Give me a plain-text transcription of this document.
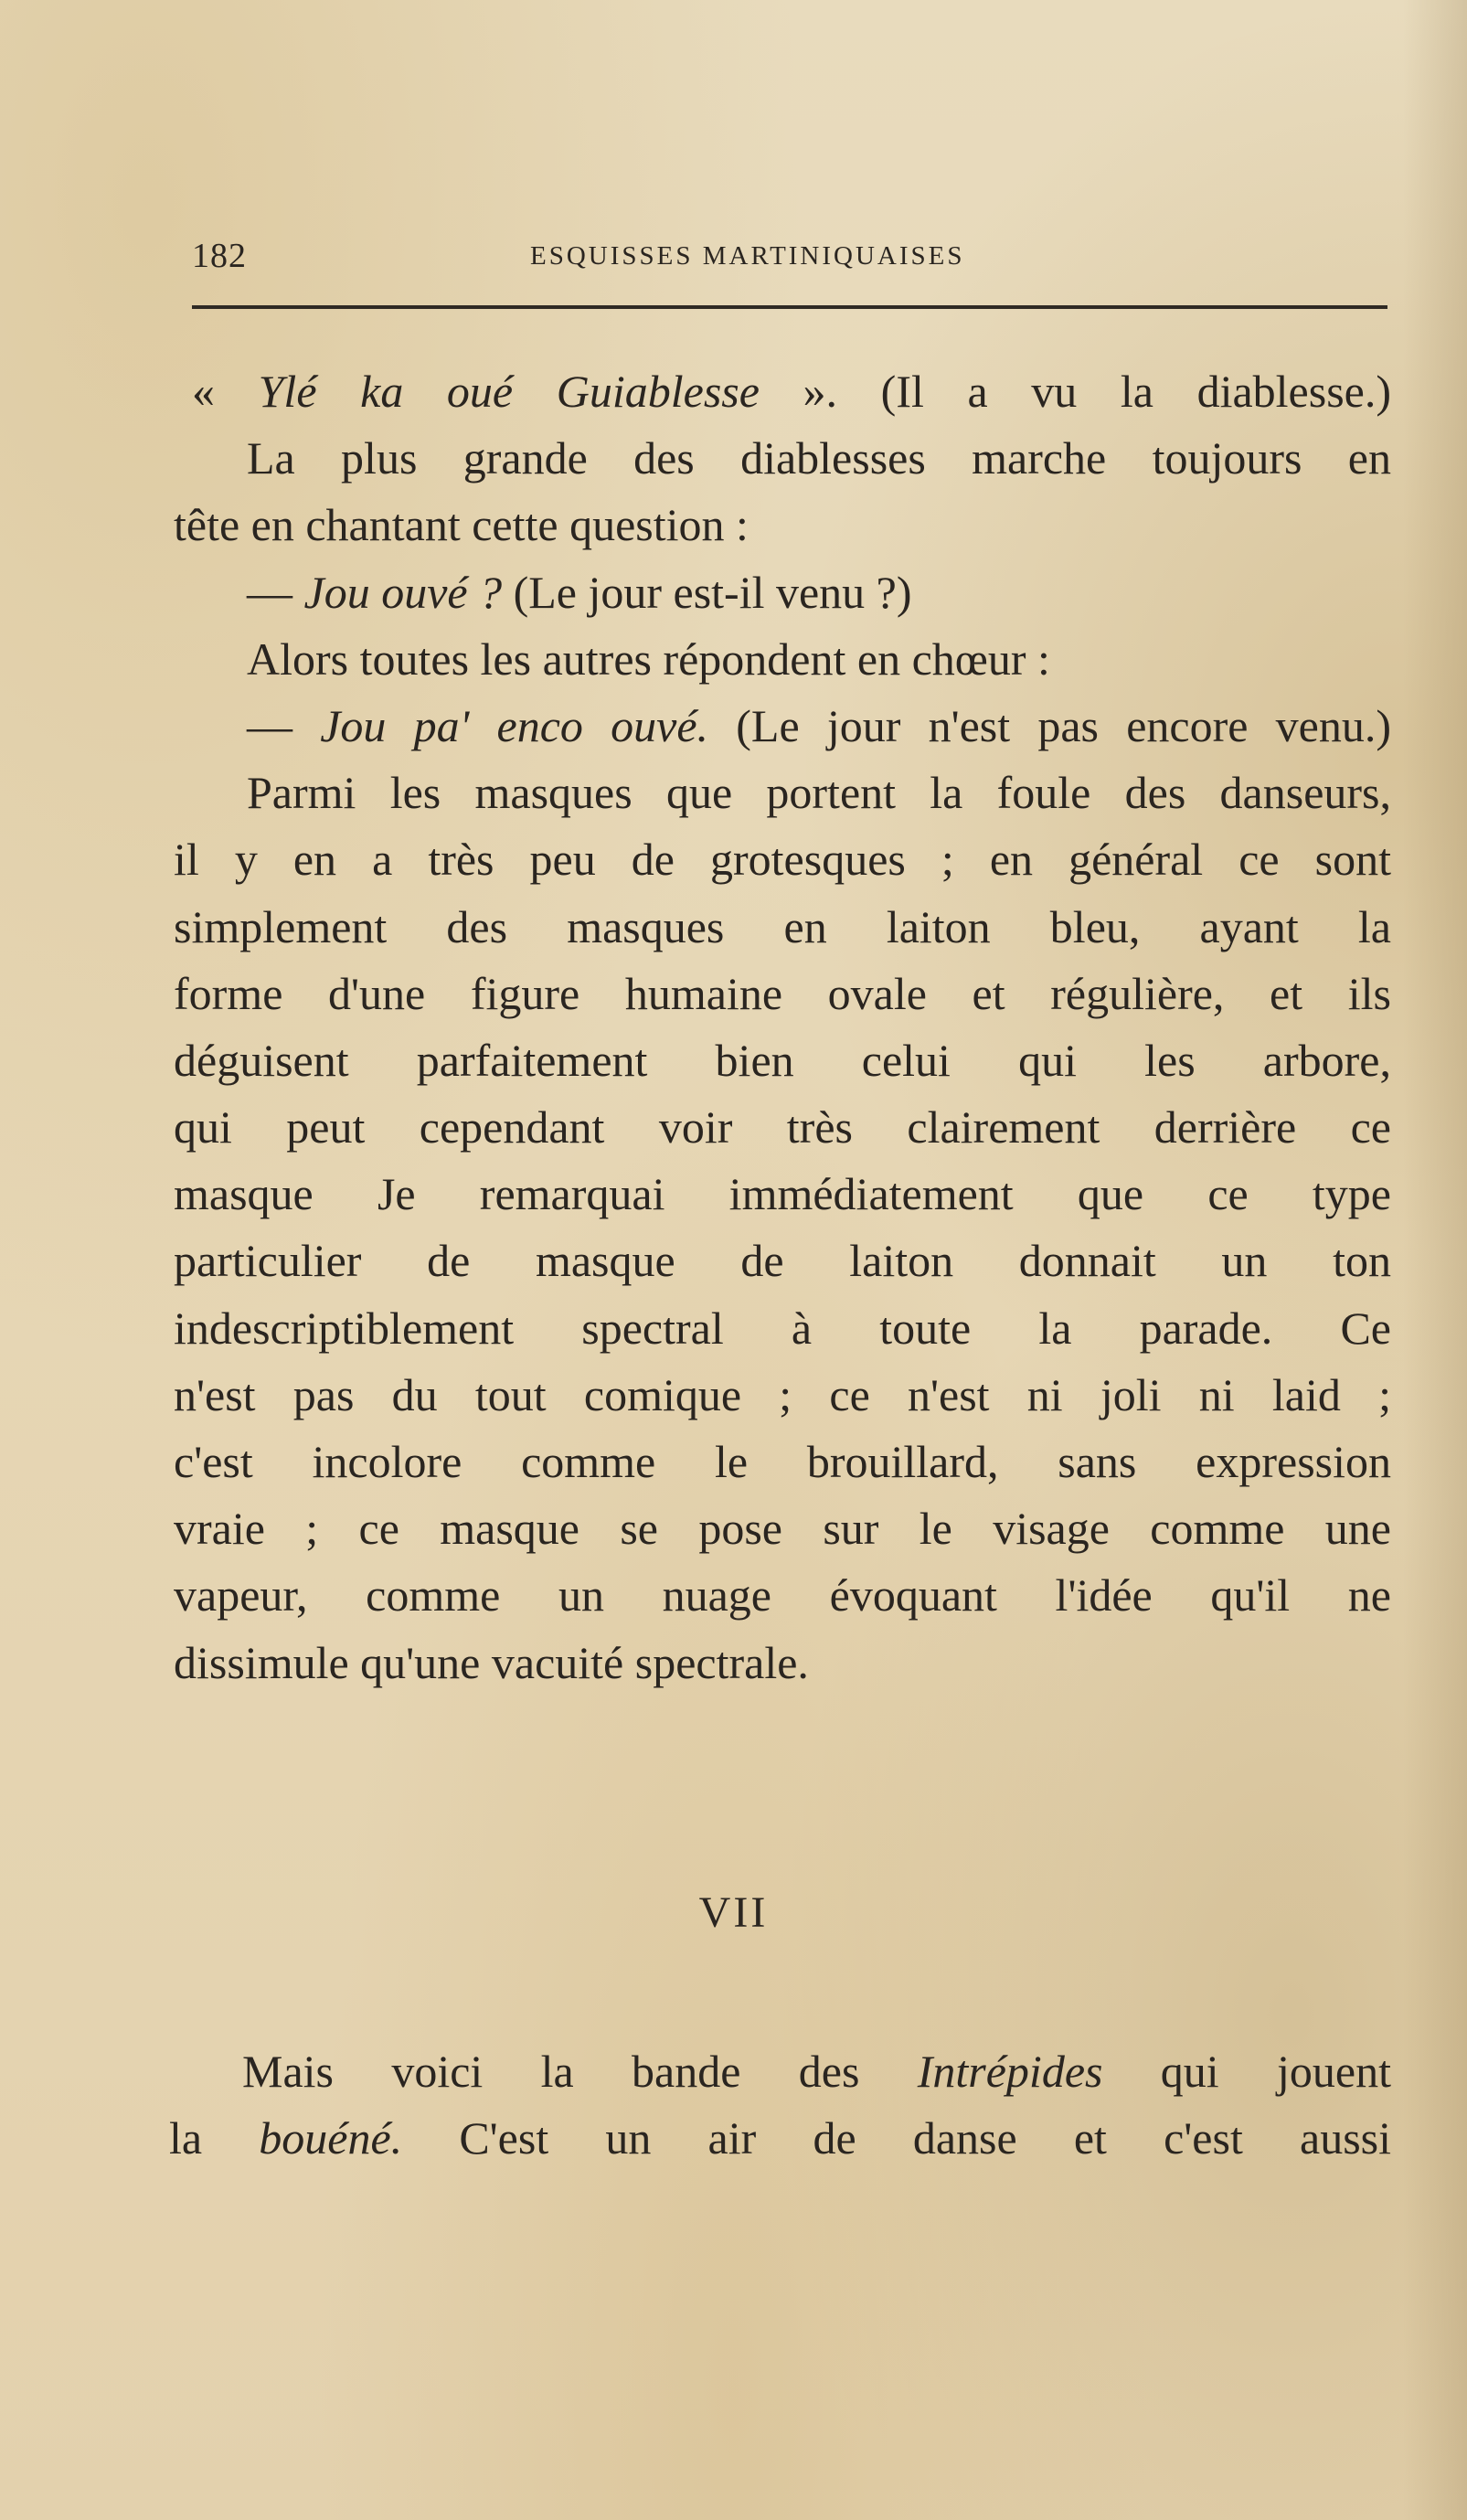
182	ESQUISSES MARTINIQUAISES
« Ylé ka oué Guiablesse ». (Il a vu la diablesse.)
La plus grande des diablesses marche toujours en
tête en chantant cette question :
— Jou ouvé ? (Le jour est-il venu ?)
Alors toutes les autres répondent en chœur :
— Jou pa' enco ouvé. (Le jour n'est pas encore venu.)
Parmi les masques que portent la foule des danseurs,
il y en a très peu de grotesques ; en général ce sont
simplement des masques en laiton bleu, ayant la
forme d'une figure humaine ovale et régulière, et ils
déguisent parfaitement bien celui qui les arbore,
qui peut cependant voir très clairement derrière ce
masque Je remarquai immédiatement que ce type
particulier de masque de laiton donnait un ton
indescriptiblement spectral à toute la parade. Ce
n'est pas du tout comique ; ce n'est ni joli ni laid ;
c'est incolore comme le brouillard, sans expression
vraie ; ce masque se pose sur le visage comme une
vapeur, comme un nuage évoquant l'idée qu'il ne
dissimule qu'une vacuité spectrale.
VII
Mais voici la bande des Intrépides qui jouent
la bouéné. C'est un air de danse et c'est aussi
